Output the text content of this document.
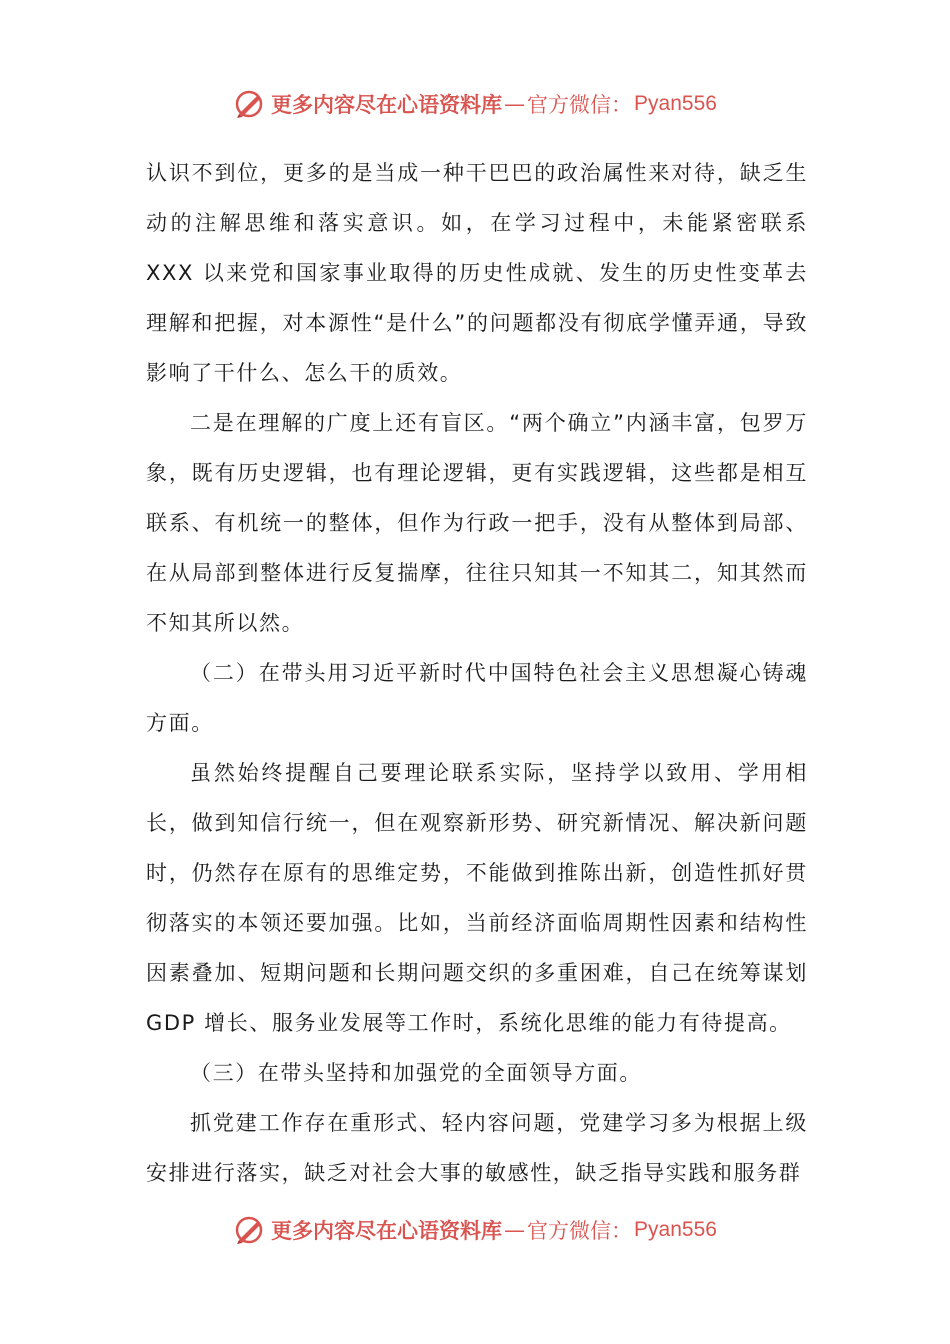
更多内容尽在心语资料库 — 官方微信： Pyan556

认识不到位，更多的是当成一种干巴巴的政治属性来对待，缺乏生动的注解思维和落实意识。如，在学习过程中，未能紧密联系 XXX 以来党和国家事业取得的历史性成就、发生的历史性变革去理解和把握，对本源性“是什么”的问题都没有彻底学懂弄通，导致影响了干什么、怎么干的质效。

二是在理解的广度上还有盲区。“两个确立”内涵丰富，包罗万象，既有历史逻辑，也有理论逻辑，更有实践逻辑，这些都是相互联系、有机统一的整体，但作为行政一把手，没有从整体到局部、在从局部到整体进行反复揣摩，往往只知其一不知其二，知其然而不知其所以然。

（二）在带头用习近平新时代中国特色社会主义思想凝心铸魂方面。

虽然始终提醒自己要理论联系实际，坚持学以致用、学用相长，做到知信行统一，但在观察新形势、研究新情况、解决新问题时，仍然存在原有的思维定势，不能做到推陈出新，创造性抓好贯彻落实的本领还要加强。比如，当前经济面临周期性因素和结构性因素叠加、短期问题和长期问题交织的多重困难，自己在统筹谋划 GDP 增长、服务业发展等工作时，系统化思维的能力有待提高。

（三）在带头坚持和加强党的全面领导方面。

抓党建工作存在重形式、轻内容问题，党建学习多为根据上级安排进行落实，缺乏对社会大事的敏感性，缺乏指导实践和服务群

更多内容尽在心语资料库 — 官方微信： Pyan556
